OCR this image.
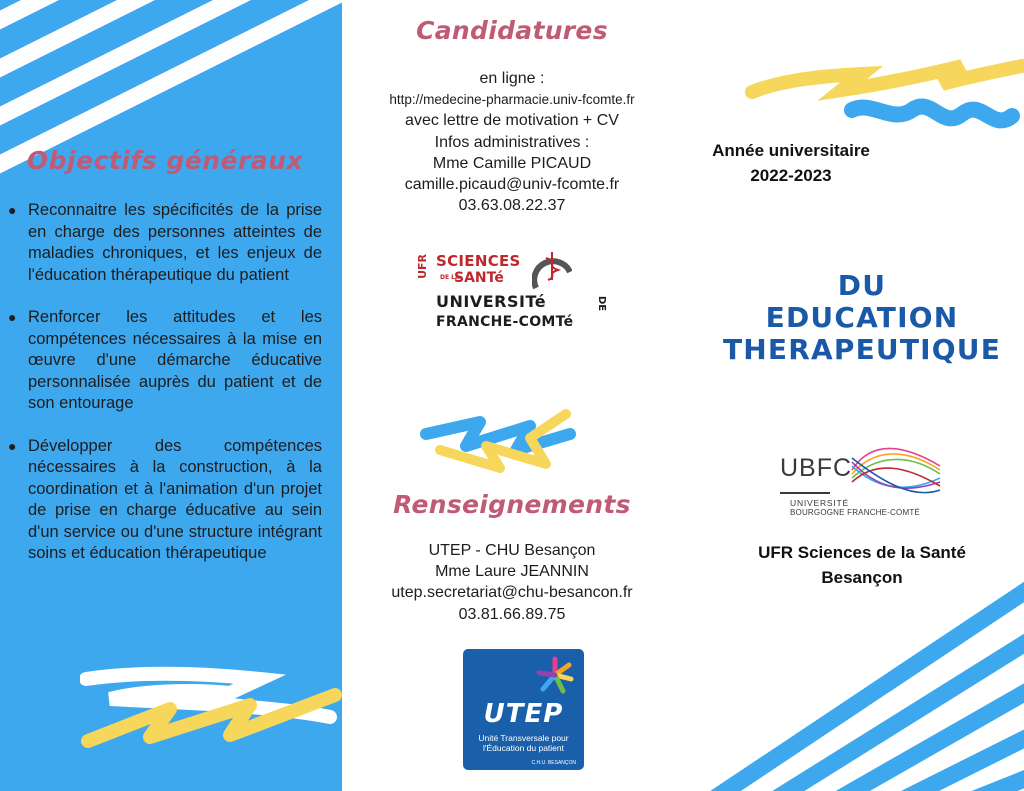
Objectifs généraux
● Reconnaitre les spécificités de la prise en charge des personnes atteintes de maladies chroniques, et les enjeux de l'éducation thérapeutique du patient
● Renforcer les attitudes et les compétences nécessaires à la mise en œuvre d'une démarche éducative personnalisée auprès du patient et de son entourage
● Développer des compétences nécessaires à la construction, à la coordination et à l'animation d'un projet de prise en charge éducative au sein d'un service ou d'une structure intégrant soins et éducation thérapeutique
Candidatures
en ligne :
http://medecine-pharmacie.univ-fcomte.fr
avec lettre de motivation + CV
Infos administratives :
Mme Camille PICAUD
camille.picaud@univ-fcomte.fr
03.63.08.22.37
UFR SCIENCES
DE LA
SANTé
UNIVERSITé
FRANCHE-COMTé
DE
Renseignements
UTEP - CHU Besançon
Mme Laure JEANNIN
utep.secretariat@chu-besancon.fr
03.81.66.89.75
UTEP
Unité Transversale pour
l'Éducation du patient
C.H.U. BESANÇON
Année universitaire
2022-2023
DU
EDUCATION
THERAPEUTIQUE
UBFC
UNIVERSITÉ
BOURGOGNE FRANCHE-COMTÉ
UFR Sciences de la Santé
Besançon
